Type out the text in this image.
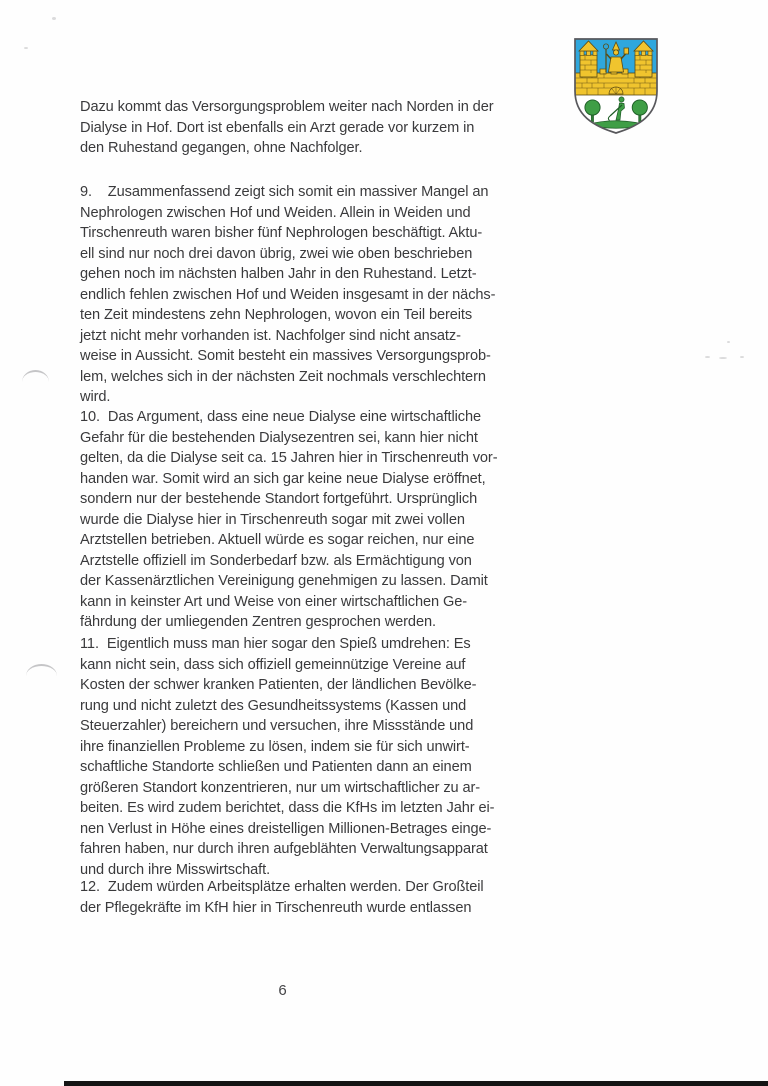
Dazu kommt das Versorgungsproblem weiter nach Norden in der
Dialyse in Hof. Dort ist ebenfalls ein Arzt gerade vor kurzem in
den Ruhestand gegangen, ohne Nachfolger.
9.    Zusammenfassend zeigt sich somit ein massiver Mangel an
Nephrologen zwischen Hof und Weiden. Allein in Weiden und
Tirschenreuth waren bisher fünf Nephrologen beschäftigt. Aktu-
ell sind nur noch drei davon übrig, zwei wie oben beschrieben
gehen noch im nächsten halben Jahr in den Ruhestand. Letzt-
endlich fehlen zwischen Hof und Weiden insgesamt in der nächs-
ten Zeit mindestens zehn Nephrologen, wovon ein Teil bereits
jetzt nicht mehr vorhanden ist. Nachfolger sind nicht ansatz-
weise in Aussicht. Somit besteht ein massives Versorgungsprob-
lem, welches sich in der nächsten Zeit nochmals verschlechtern
wird.
10.  Das Argument, dass eine neue Dialyse eine wirtschaftliche
Gefahr für die bestehenden Dialysezentren sei, kann hier nicht
gelten, da die Dialyse seit ca. 15 Jahren hier in Tirschenreuth vor-
handen war. Somit wird an sich gar keine neue Dialyse eröffnet,
sondern nur der bestehende Standort fortgeführt. Ursprünglich
wurde die Dialyse hier in Tirschenreuth sogar mit zwei vollen
Arztstellen betrieben. Aktuell würde es sogar reichen, nur eine
Arztstelle offiziell im Sonderbedarf bzw. als Ermächtigung von
der Kassenärztlichen Vereinigung genehmigen zu lassen. Damit
kann in keinster Art und Weise von einer wirtschaftlichen Ge-
fährdung der umliegenden Zentren gesprochen werden.
11.  Eigentlich muss man hier sogar den Spieß umdrehen: Es
kann nicht sein, dass sich offiziell gemeinnützige Vereine auf
Kosten der schwer kranken Patienten, der ländlichen Bevölke-
rung und nicht zuletzt des Gesundheitssystems (Kassen und
Steuerzahler) bereichern und versuchen, ihre Missstände und
ihre finanziellen Probleme zu lösen, indem sie für sich unwirt-
schaftliche Standorte schließen und Patienten dann an einem
größeren Standort konzentrieren, nur um wirtschaftlicher zu ar-
beiten. Es wird zudem berichtet, dass die KfHs im letzten Jahr ei-
nen Verlust in Höhe eines dreistelligen Millionen-Betrages einge-
fahren haben, nur durch ihren aufgeblähten Verwaltungsapparat
und durch ihre Misswirtschaft.
12.  Zudem würden Arbeitsplätze erhalten werden. Der Großteil
der Pflegekräfte im KfH hier in Tirschenreuth wurde entlassen
6
